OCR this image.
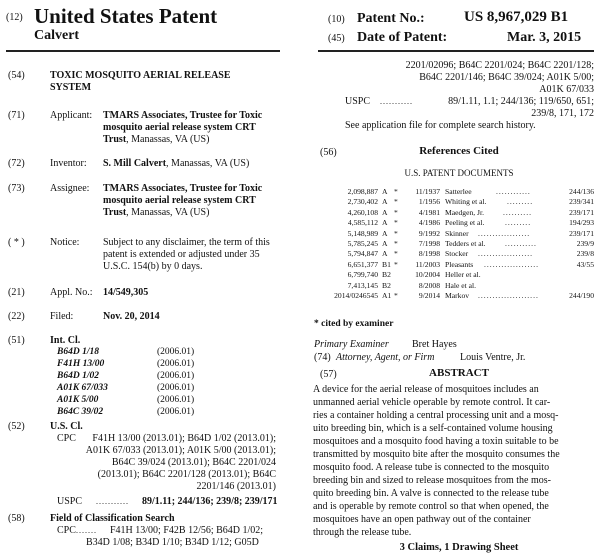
(12) United States Patent
Calvert
(10) Patent No.:	US 8,967,029 B1
(45) Date of Patent:	Mar. 3, 2015
(54)	TOXIC MOSQUITO AERIAL RELEASE
SYSTEM
(71)	Applicant: TMARS Associates, Trustee for Toxic
mosquito aerial release system CRT
Trust, Manassas, VA (US)
(72)	Inventor: S. Mill Calvert, Manassas, VA (US)
(73)	Assignee: TMARS Associates, Trustee for Toxic
mosquito aerial release system CRT
Trust, Manassas, VA (US)
( * )	Notice: Subject to any disclaimer, the term of this
patent is extended or adjusted under 35
U.S.C. 154(b) by 0 days.
(21)	Appl. No.: 14/549,305
(22)	Filed:	Nov. 20, 2014
(51)	Int. Cl.
B64D 1/18	(2006.01)
F41H 13/00	(2006.01)
B64D 1/02	(2006.01)
A01K 67/033	(2006.01)
A01K 5/00	(2006.01)
B64C 39/02	(2006.01)
(52)	U.S. Cl.
CPC	F41H 13/00 (2013.01); B64D 1/02 (2013.01);
A01K 67/033 (2013.01); A01K 5/00 (2013.01);
B64C 39/024 (2013.01); B64C 2201/024
(2013.01); B64C 2201/128 (2013.01); B64C
2201/146 (2013.01)
USPC ........... 89/1.11; 244/136; 239/8; 239/171
(58)	Field of Classification Search
CPC ....... F41H 13/00; F42B 12/56; B64D 1/02;
B34D 1/08; B34D 1/10; B34D 1/12; G05D
2201/02096; B64C 2201/024; B64C 2201/128;
B64C 2201/146; B64C 39/024; A01K 5/00;
A01K 67/033
USPC ...........	89/1.11, 1.1; 244/136; 119/650, 651;
239/8, 171, 172
See application file for complete search history.
(56)	References Cited
U.S. PATENT DOCUMENTS
2,098,887 A *	11/1937 Satterlee	............	244/136
2,730,402 A *	1/1956 Whiting et al.	.........	239/341
4,260,108 A *	4/1981 Maedgen, Jr. ..........	239/171
4,585,112 A *	4/1986 Peeling et al.	.........	194/293
5,148,989 A *	9/1992 Skinner ..................	239/171
5,785,245 A *	7/1998 Tedders et al.	...........	239/9
5,794,847 A *	8/1998 Stocker ...................	239/8
6,651,377 B1 *	11/2003 Pleasants ...................	43/55
6,799,740 B2	10/2004 Heller et al.
7,413,145 B2	8/2008 Hale et al.
2014/0246545 A1 *	9/2014 Markov .....................	244/190
* cited by examiner
Primary Examiner Bret Hayes
(74) Attorney, Agent, or Firm	Louis Ventre, Jr.
(57)	ABSTRACT
A device for the aerial release of mosquitoes includes an
unmanned aerial vehicle operable by remote control. It car-
ries a container holding a central processing unit and a mosq-
uito breeding bin, which is a self-contained volume housing
mosquitoes and a mosquito food having a toxin suitable to be
transmitted by mosquito bite after the mosquito consumes the
mosquito food. A release tube is connected to the mosquito
breeding bin and sized to release mosquitoes from the mos-
quito breeding bin. A valve is connected to the release tube
and is operable by remote control so that when opened, the
mosquitoes have an open pathway out of the container
through the release tube.
3 Claims, 1 Drawing Sheet
